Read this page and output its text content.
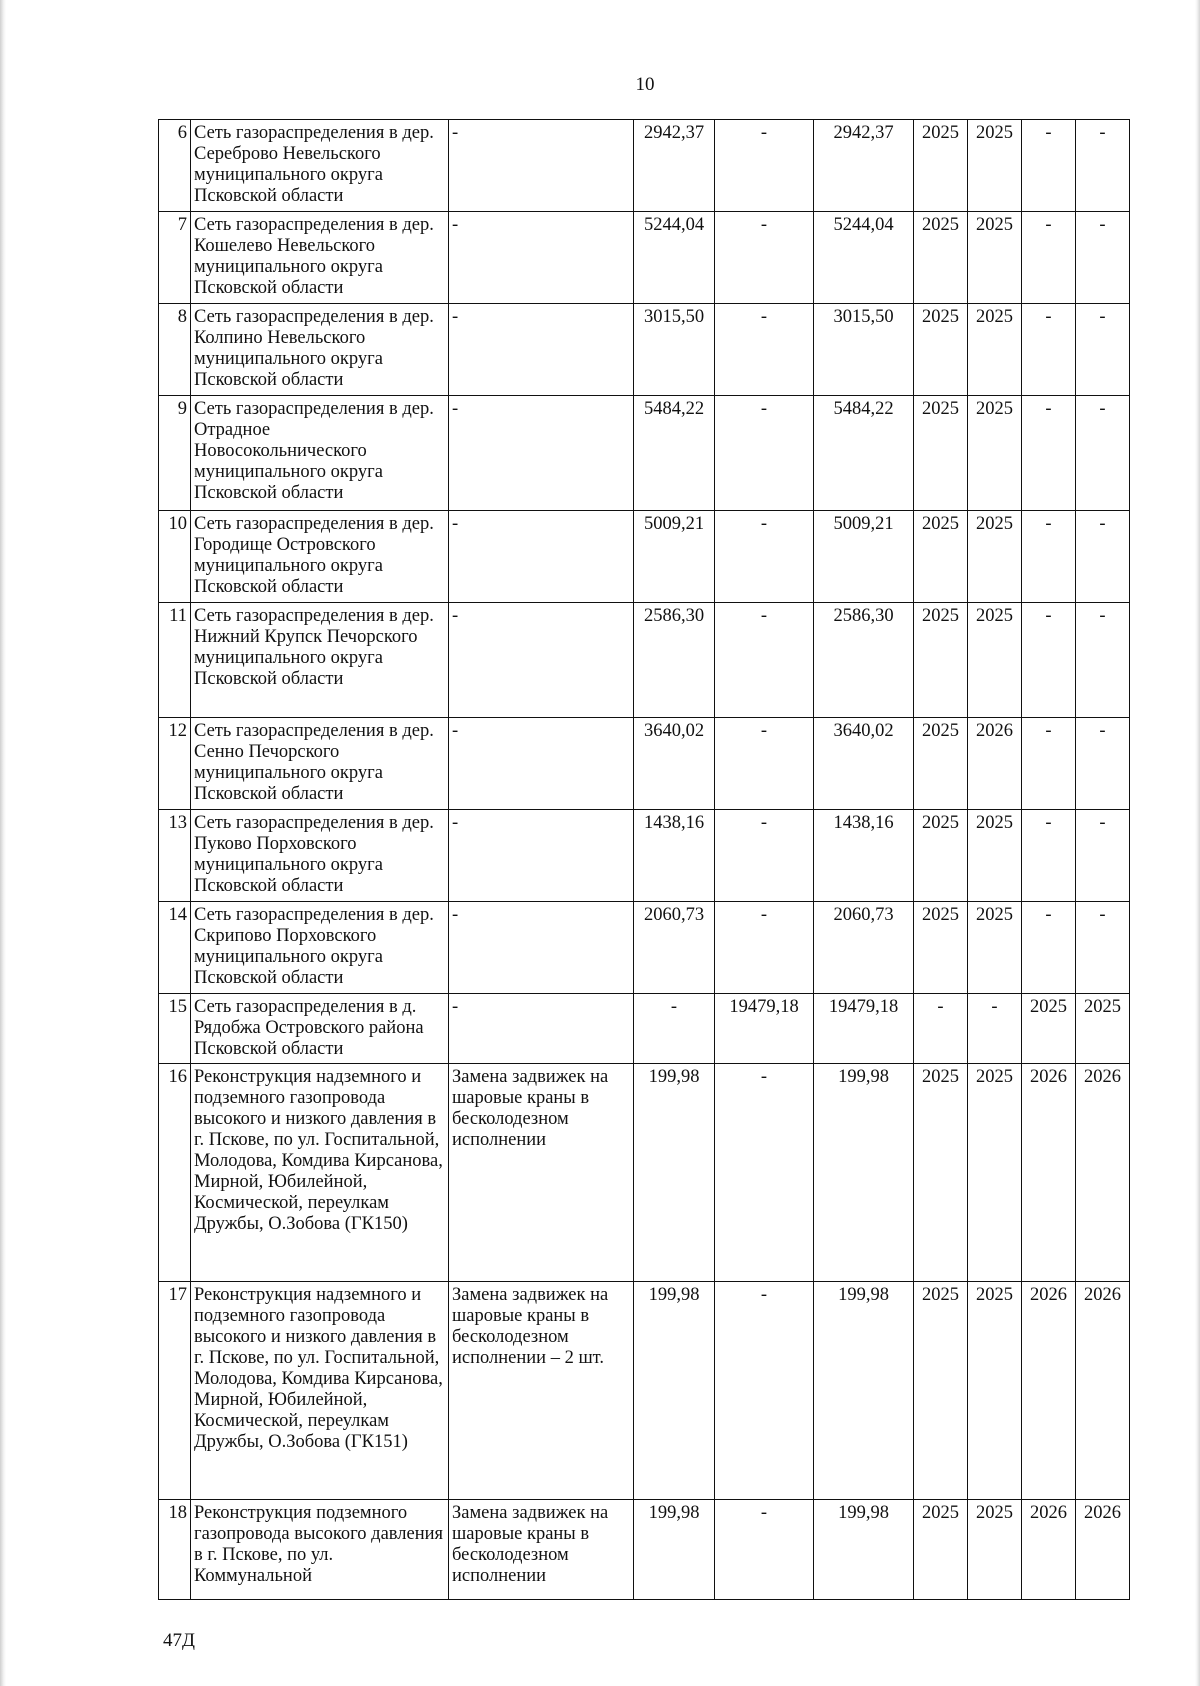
10
6	Сеть газораспределения в дер. Сереброво Невельского муниципального округа Псковской области	-	2942,37	-	2942,37	2025	2025	-	-
7	Сеть газораспределения в дер. Кошелево Невельского муниципального округа Псковской области	-	5244,04	-	5244,04	2025	2025	-	-
8	Сеть газораспределения в дер. Колпино Невельского муниципального округа Псковской области	-	3015,50	-	3015,50	2025	2025	-	-
9	Сеть газораспределения в дер. Отрадное Новосокольнического муниципального округа Псковской области	-	5484,22	-	5484,22	2025	2025	-	-
10	Сеть газораспределения в дер. Городище Островского муниципального округа Псковской области	-	5009,21	-	5009,21	2025	2025	-	-
11	Сеть газораспределения в дер. Нижний Крупск Печорского муниципального округа Псковской области	-	2586,30	-	2586,30	2025	2025	-	-
12	Сеть газораспределения в дер. Сенно Печорского муниципального округа Псковской области	-	3640,02	-	3640,02	2025	2026	-	-
13	Сеть газораспределения в дер. Пуково Порховского муниципального округа Псковской области	-	1438,16	-	1438,16	2025	2025	-	-
14	Сеть газораспределения в дер. Скрипово Порховского муниципального округа Псковской области	-	2060,73	-	2060,73	2025	2025	-	-
15	Сеть газораспределения в д. Рядобжа Островского района Псковской области	-	-	19479,18	19479,18	-	-	2025	2025
16	Реконструкция надземного и подземного газопровода высокого и низкого давления в г. Пскове, по ул. Госпитальной, Молодова, Комдива Кирсанова, Мирной, Юбилейной, Космической, переулкам Дружбы, О.Зобова (ГК150)	Замена задвижек на шаровые краны в бесколодезном исполнении	199,98	-	199,98	2025	2025	2026	2026
17	Реконструкция надземного и подземного газопровода высокого и низкого давления в г. Пскове, по ул. Госпитальной, Молодова, Комдива Кирсанова, Мирной, Юбилейной, Космической, переулкам Дружбы, О.Зобова (ГК151)	Замена задвижек на шаровые краны в бесколодезном исполнении – 2 шт.	199,98	-	199,98	2025	2025	2026	2026
18	Реконструкция подземного газопровода высокого давления в г. Пскове, по ул. Коммунальной	Замена задвижек на шаровые краны в бесколодезном исполнении	199,98	-	199,98	2025	2025	2026	2026
47Д
